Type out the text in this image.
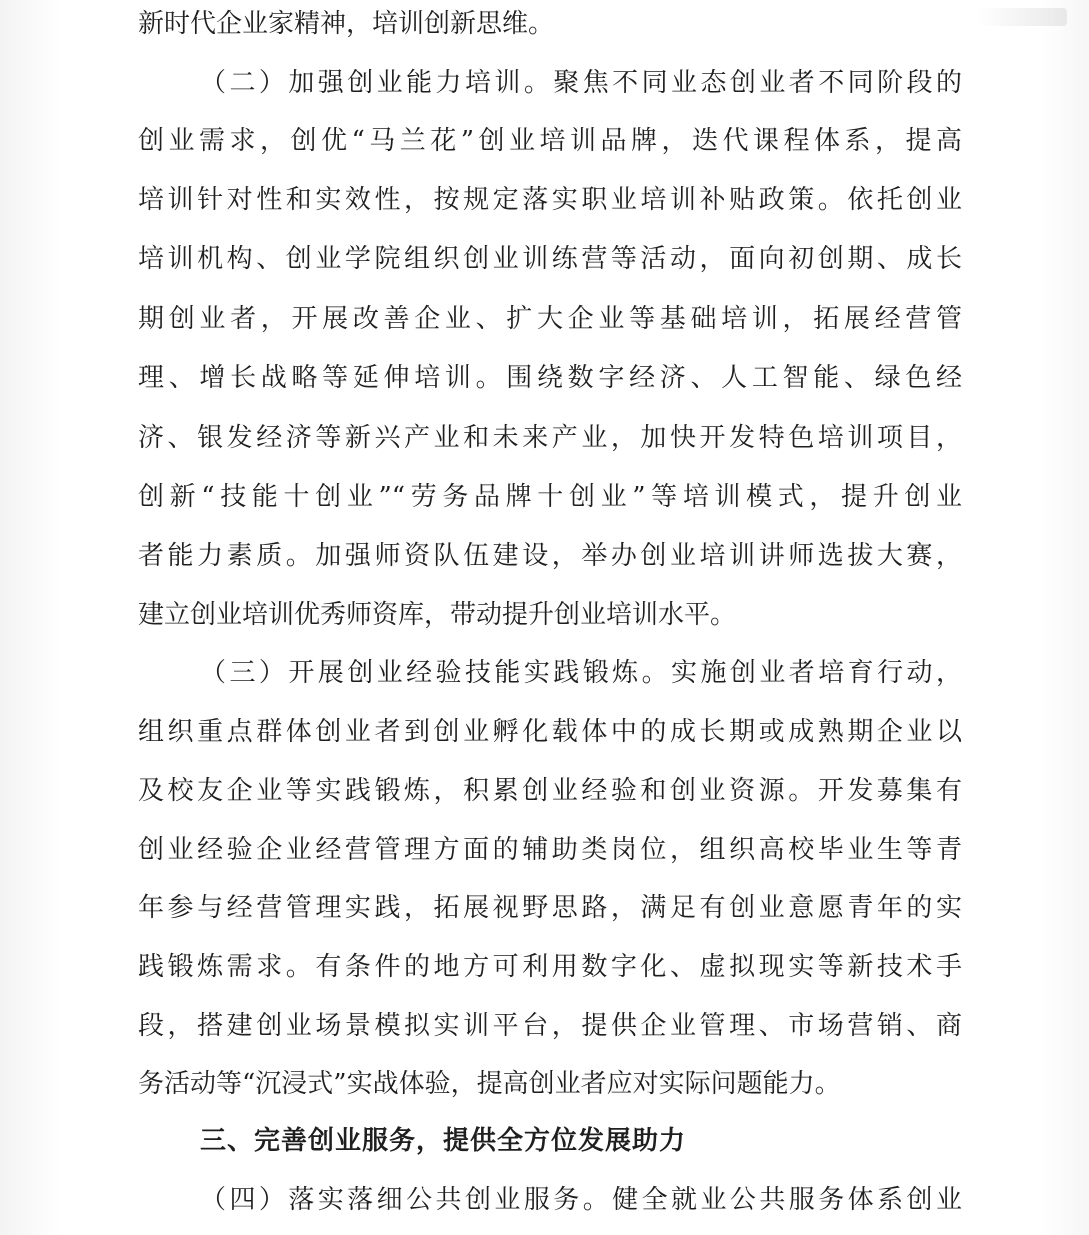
新时代企业家精神，培训创新思维。
（二）加强创业能力培训。聚焦不同业态创业者不同阶段的
创业需求，创优“马兰花”创业培训品牌，迭代课程体系，提高
培训针对性和实效性，按规定落实职业培训补贴政策。依托创业
培训机构、创业学院组织创业训练营等活动，面向初创期、成长
期创业者，开展改善企业、扩大企业等基础培训，拓展经营管
理、增长战略等延伸培训。围绕数字经济、人工智能、绿色经
济、银发经济等新兴产业和未来产业，加快开发特色培训项目，
创新“技能十创业”“劳务品牌十创业”等培训模式，提升创业
者能力素质。加强师资队伍建设，举办创业培训讲师选拔大赛，
建立创业培训优秀师资库，带动提升创业培训水平。
（三）开展创业经验技能实践锻炼。实施创业者培育行动，
组织重点群体创业者到创业孵化载体中的成长期或成熟期企业以
及校友企业等实践锻炼，积累创业经验和创业资源。开发募集有
创业经验企业经营管理方面的辅助类岗位，组织高校毕业生等青
年参与经营管理实践，拓展视野思路，满足有创业意愿青年的实
践锻炼需求。有条件的地方可利用数字化、虚拟现实等新技术手
段，搭建创业场景模拟实训平台，提供企业管理、市场营销、商
务活动等“沉浸式”实战体验，提高创业者应对实际问题能力。
三、完善创业服务，提供全方位发展助力
（四）落实落细公共创业服务。健全就业公共服务体系创业
